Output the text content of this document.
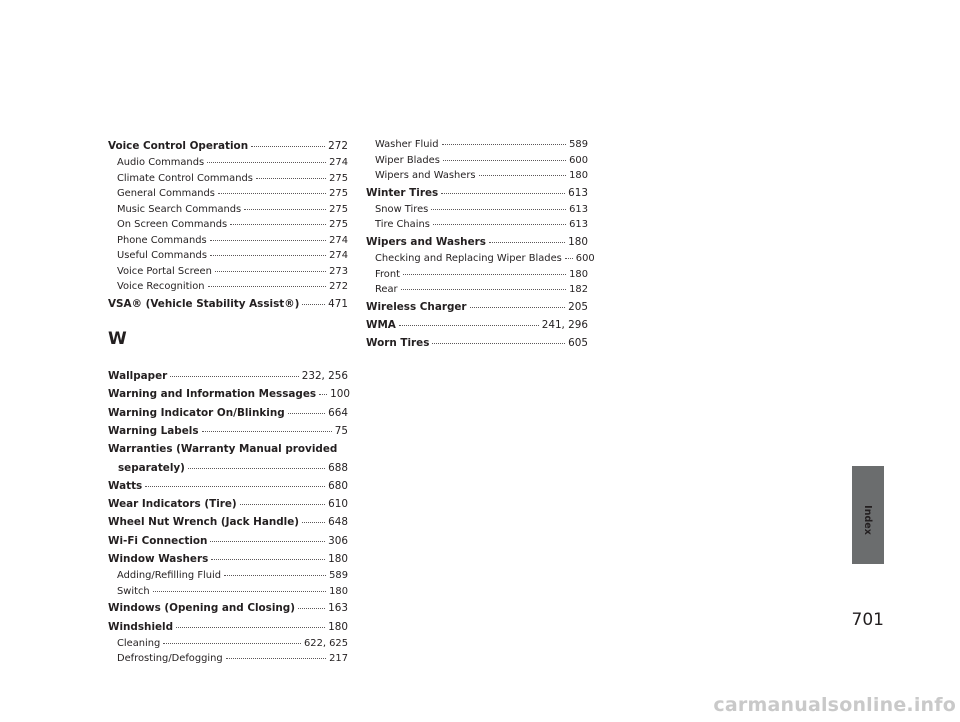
Voice Control Operation	272
Audio Commands	274
Climate Control Commands	275
General Commands	275
Music Search Commands	275
On Screen Commands	275
Phone Commands	274
Useful Commands	274
Voice Portal Screen	273
Voice Recognition	272
VSA® (Vehicle Stability Assist®)	471
W
Wallpaper	232, 256
Warning and Information Messages 100
Warning Indicator On/Blinking	664
Warning Labels	75
Warranties (Warranty Manual provided
separately)	688
Watts	680
Wear Indicators (Tire)	610
Wheel Nut Wrench (Jack Handle)	648
Wi-Fi Connection	306
Window Washers	180
Adding/Refilling Fluid	589
Switch	180
Windows (Opening and Closing)	163
Windshield	180
Cleaning	622, 625
Defrosting/Defogging	217
Washer Fluid	589
Wiper Blades	600
Wipers and Washers	180
Winter Tires	613
Snow Tires	613
Tire Chains	613
Wipers and Washers	180
Checking and Replacing Wiper Blades 600
Front	180
Rear	182
Wireless Charger	205
WMA	241, 296
Worn Tires	605
Index
701
carmanualsonline.info
